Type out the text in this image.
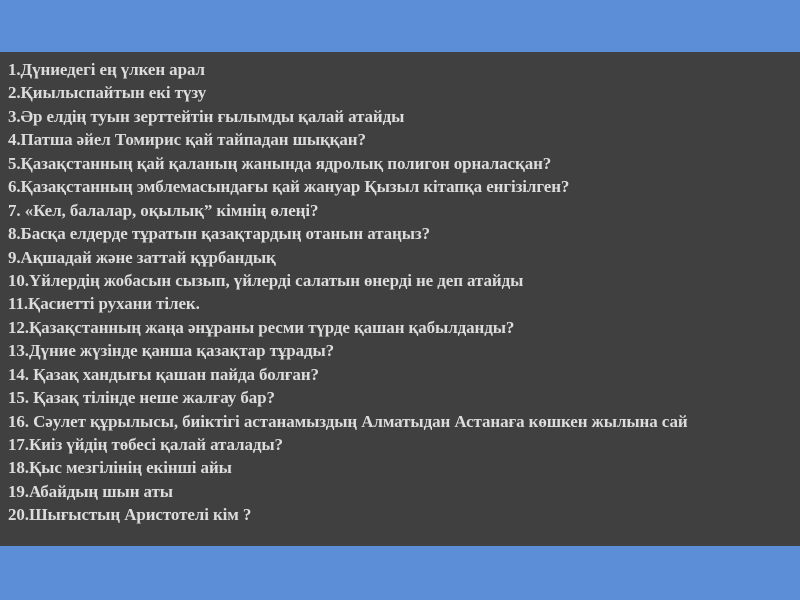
1.Дүниедегі ең үлкен арал
2.Қиылыспайтын екі түзу
3.Әр елдің туын зерттейтін ғылымды қалай атайды
4.Патша әйел Томирис қай тайпадан шыққан?
5.Қазақстанның қай қаланың жанында ядролық полигон орналасқан?
6.Қазақстанның эмблемасындағы қай жануар Қызыл кітапқа енгізілген?
7. «Кел, балалар, оқылық” кімнің өлеңі?
8.Басқа елдерде тұратын қазақтардың отанын атаңыз?
9.Ақшадай және заттай құрбандық
10.Үйлердің жобасын сызып, үйлерді салатын өнерді не деп атайды
11.Қасиетті рухани тілек.
12.Қазақстанның жаңа әнұраны ресми түрде қашан қабылданды?
13.Дүние жүзінде қанша қазақтар тұрады?
14. Қазақ хандығы қашан пайда болған?
15. Қазақ тілінде неше жалғау бар?
16. Сәулет құрылысы, биіктігі астанамыздың Алматыдан Астанаға көшкен жылына сай
17.Киіз үйдің төбесі қалай аталады?
18.Қыс мезгілінің екінші айы
19.Абайдың шын аты
20.Шығыстың Аристотелі кім ?
